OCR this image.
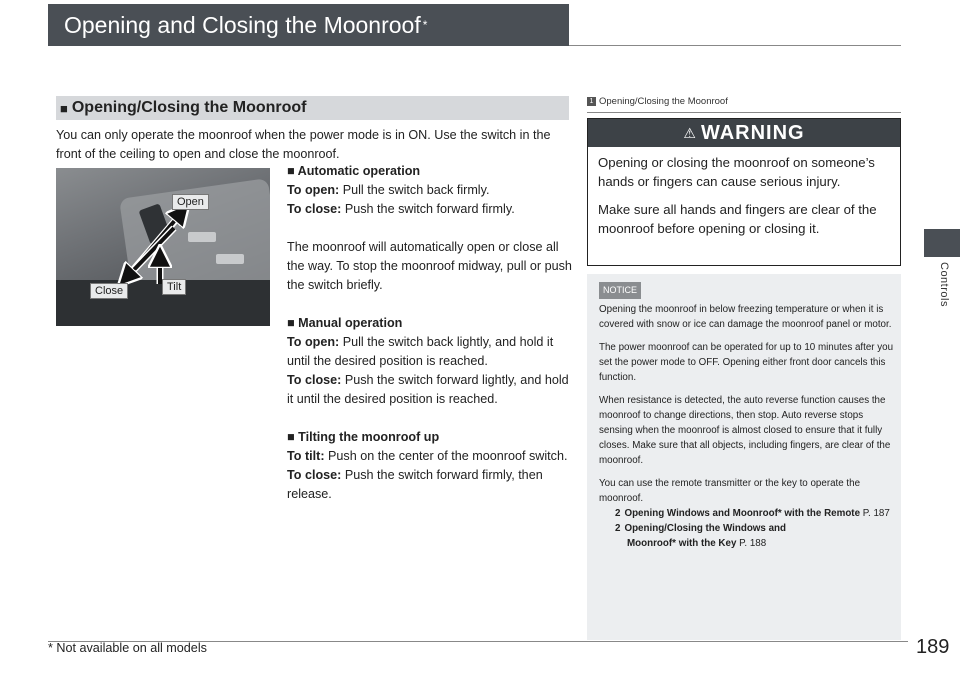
Opening and Closing the Moonroof *
Controls
■ Opening/Closing the Moonroof
You can only operate the moonroof when the power mode is in ON. Use the switch in the front of the ceiling to open and close the moonroof.
Open
Tilt
Close

■ Automatic operation

To open: Pull the switch back firmly.

To close: Push the switch forward firmly.

The moonroof will automatically open or close all the way. To stop the moonroof midway, pull or push the switch briefly.

■ Manual operation

To open: Pull the switch back lightly, and hold it until the desired position is reached.

To close: Push the switch forward lightly, and hold it until the desired position is reached.

■ Tilting the moonroof up

To tilt: Push on the center of the moonroof switch.

To close: Push the switch forward firmly, then release.

1 Opening/Closing the Moonroof
⚠ WARNING

Opening or closing the moonroof on someone’s hands or fingers can cause serious injury.

Make sure all hands and fingers are clear of the moonroof before opening or closing it.

NOTICE

Opening the moonroof in below freezing temperature or when it is covered with snow or ice can damage the moonroof panel or motor.

The power moonroof can be operated for up to 10 minutes after you set the power mode to OFF. Opening either front door cancels this function.

When resistance is detected, the auto reverse function causes the moonroof to change directions, then stop. Auto reverse stops sensing when the moonroof is almost closed to ensure that it fully closes. Make sure that all objects, including fingers, are clear of the moonroof.

You can use the remote transmitter or the key to operate the moonroof.

2 Opening Windows and Moonroof* with the Remote P. 187
2 Opening/Closing the Windows and
Moonroof* with the Key P. 188
* Not available on all models	189
